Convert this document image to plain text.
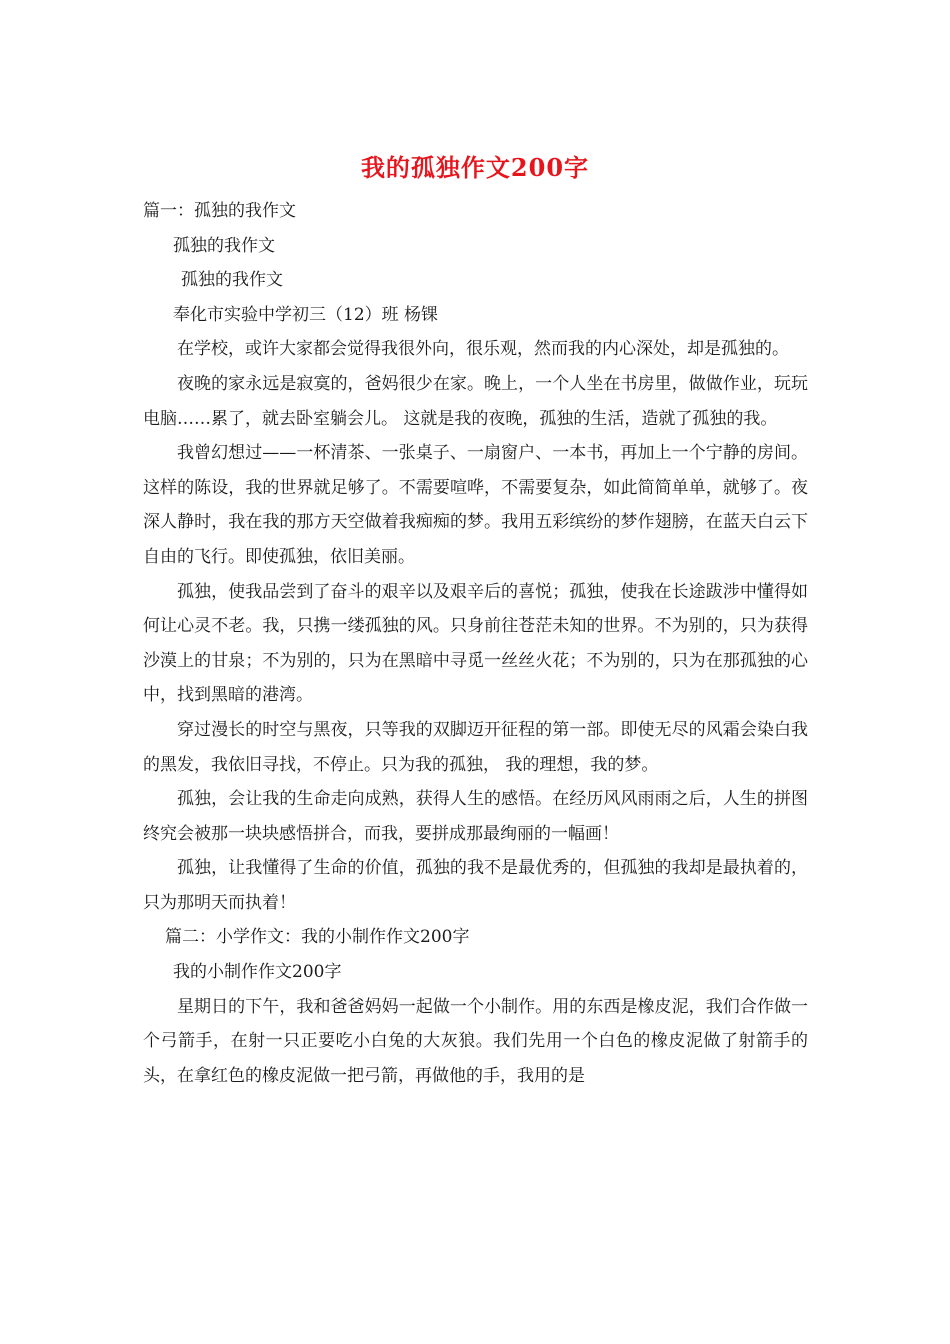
我的孤独作文200字
篇一：孤独的我作文
孤独的我作文
孤独的我作文
奉化市实验中学初三（12）班 杨锞

在学校，或许大家都会觉得我很外向，很乐观，然而我的内心深处，却是孤独的。

夜晚的家永远是寂寞的，爸妈很少在家。晚上，一个人坐在书房里，做做作业，玩玩电脑……累了，就去卧室躺会儿。 这就是我的夜晚，孤独的生活，造就了孤独的我。

我曾幻想过——一杯清茶、一张桌子、一扇窗户、一本书，再加上一个宁静的房间。这样的陈设，我的世界就足够了。不需要喧哗，不需要复杂，如此简简单单，就够了。夜深人静时，我在我的那方天空做着我痴痴的梦。我用五彩缤纷的梦作翅膀，在蓝天白云下自由的飞行。即使孤独，依旧美丽。

孤独，使我品尝到了奋斗的艰辛以及艰辛后的喜悦；孤独，使我在长途跋涉中懂得如何让心灵不老。我，只携一缕孤独的风。只身前往苍茫未知的世界。不为别的，只为获得沙漠上的甘泉；不为别的，只为在黑暗中寻觅一丝丝火花；不为别的，只为在那孤独的心中，找到黑暗的港湾。

穿过漫长的时空与黑夜，只等我的双脚迈开征程的第一部。即使无尽的风霜会染白我的黑发，我依旧寻找，不停止。只为我的孤独， 我的理想，我的梦。

孤独，会让我的生命走向成熟，获得人生的感悟。在经历风风雨雨之后，人生的拼图终究会被那一块块感悟拼合，而我，要拼成那最绚丽的一幅画！

孤独，让我懂得了生命的价值，孤独的我不是最优秀的，但孤独的我却是最执着的，只为那明天而执着！

篇二：小学作文：我的小制作作文200字
我的小制作作文200字

星期日的下午，我和爸爸妈妈一起做一个小制作。用的东西是橡皮泥，我们合作做一个弓箭手，在射一只正要吃小白兔的大灰狼。我们先用一个白色的橡皮泥做了射箭手的头，在拿红色的橡皮泥做一把弓箭，再做他的手，我用的是
